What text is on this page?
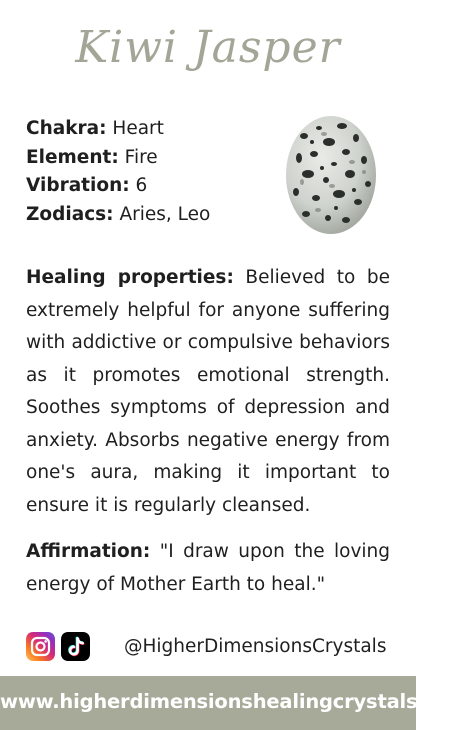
Kiwi Jasper
Chakra: Heart
Element: Fire
Vibration: 6
Zodiacs: Aries, Leo
Healing properties: Believed to be extremely helpful for anyone suffering with addictive or compulsive behaviors as it promotes emotional strength. Soothes symptoms of depression and anxiety. Absorbs negative energy from one's aura, making it important to ensure it is regularly cleansed.
Affirmation: "I draw upon the loving energy of Mother Earth to heal."
@HigherDimensionsCrystals
www.higherdimensionshealingcrystals.com
